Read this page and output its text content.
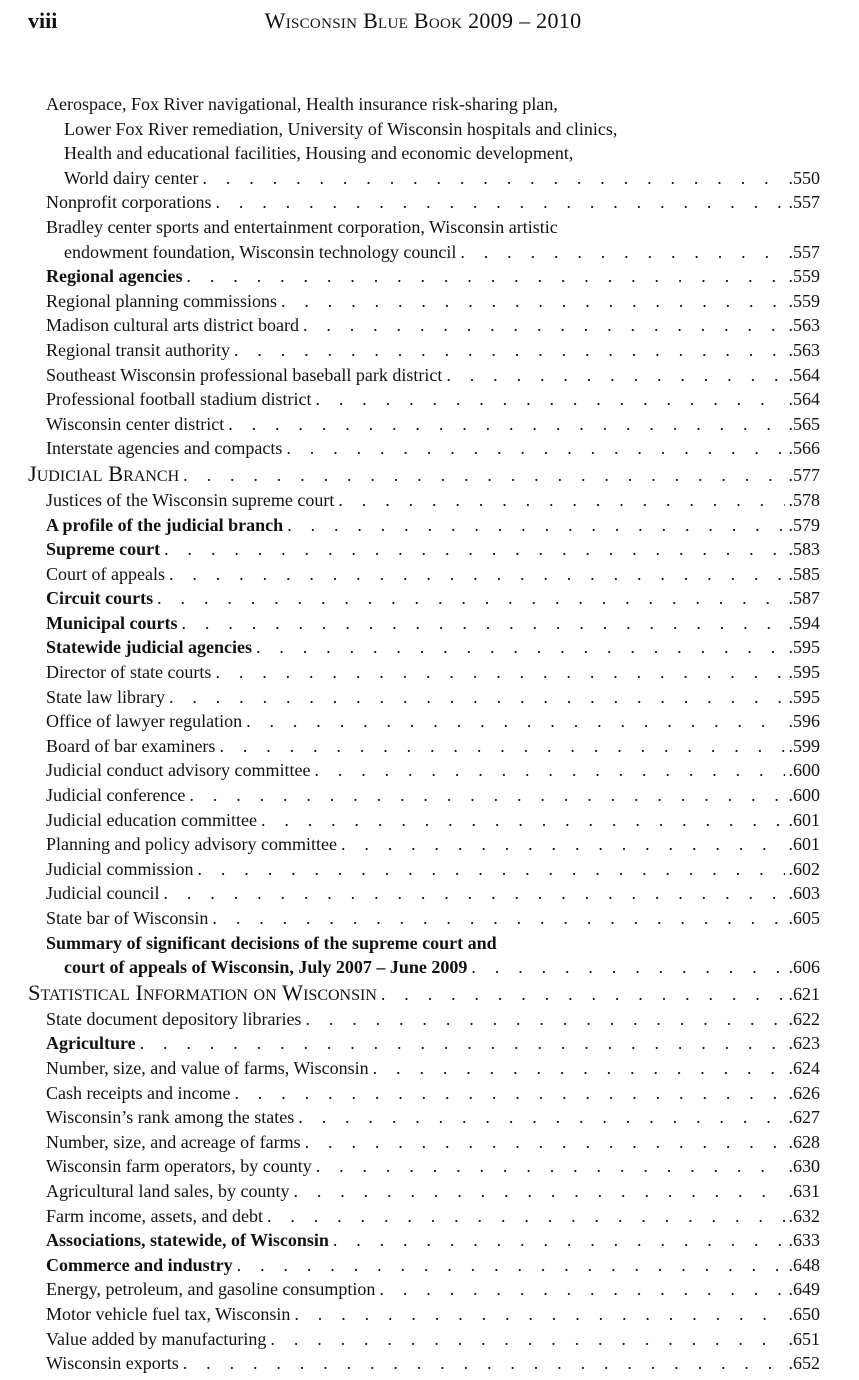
viii	Wisconsin Blue Book 2009 – 2010
Aerospace, Fox River navigational, Health insurance risk-sharing plan,
Lower Fox River remediation, University of Wisconsin hospitals and clinics,
Health and educational facilities, Housing and economic development,
World dairy center . . .	.550
Nonprofit corporations . . .	.557
Bradley center sports and entertainment corporation, Wisconsin artistic
endowment foundation, Wisconsin technology council . . .	.557
Regional agencies . . .	.559
Regional planning commissions . . .	.559
Madison cultural arts district board . . .	.563
Regional transit authority . . .	.563
Southeast Wisconsin professional baseball park district . . .	.564
Professional football stadium district . . .	.564
Wisconsin center district . . .	.565
Interstate agencies and compacts . . .	.566
Judicial Branch . . .	.577
Justices of the Wisconsin supreme court . . .	.578
A profile of the judicial branch . . .	.579
Supreme court . . .	.583
Court of appeals . . .	.585
Circuit courts . . .	.587
Municipal courts . . .	.594
Statewide judicial agencies . . .	.595
Director of state courts . . .	.595
State law library . . .	.595
Office of lawyer regulation . . .	.596
Board of bar examiners . . .	.599
Judicial conduct advisory committee . . .	.600
Judicial conference . . .	.600
Judicial education committee . . .	.601
Planning and policy advisory committee . . .	.601
Judicial commission . . .	.602
Judicial council . . .	.603
State bar of Wisconsin . . .	.605
Summary of significant decisions of the supreme court and
court of appeals of Wisconsin, July 2007 – June 2009 . . .	.606
Statistical Information on Wisconsin . . .	.621
State document depository libraries . . .	.622
Agriculture . . .	.623
Number, size, and value of farms, Wisconsin . . .	.624
Cash receipts and income . . .	.626
Wisconsin’s rank among the states . . .	.627
Number, size, and acreage of farms . . .	.628
Wisconsin farm operators, by county . . .	.630
Agricultural land sales, by county . . .	.631
Farm income, assets, and debt . . .	.632
Associations, statewide, of Wisconsin . . .	.633
Commerce and industry . . .	.648
Energy, petroleum, and gasoline consumption . . .	.649
Motor vehicle fuel tax, Wisconsin . . .	.650
Value added by manufacturing . . .	.651
Wisconsin exports . . .	.652
